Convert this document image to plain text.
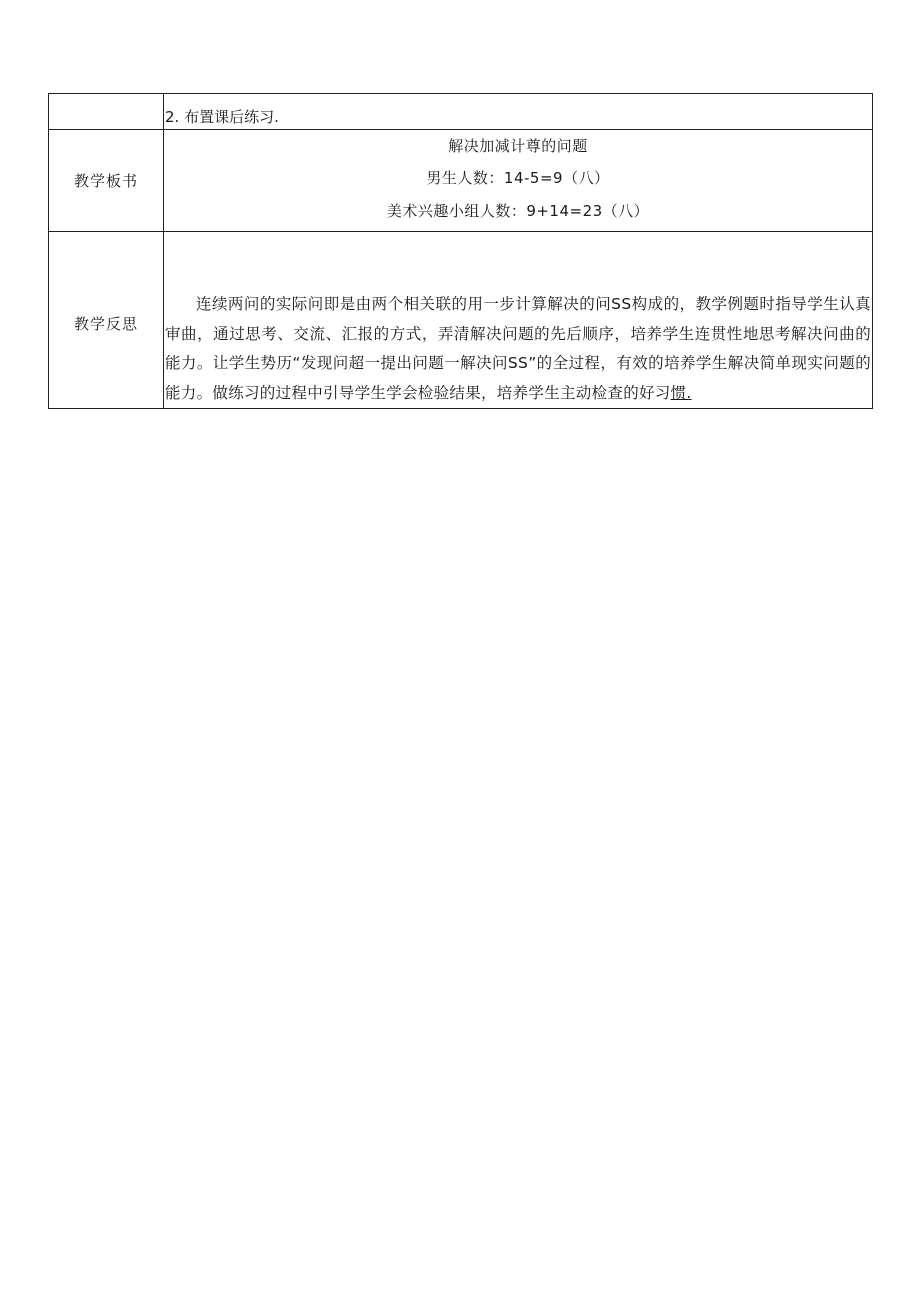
	2. 布置课后练习.
教学板书	解决加减计尊的问题
男生人数：14-5=9（八）
美术兴趣小组人数：9+14=23（八）

教学反思	连续两问的实际问即是由两个相关联的用一步计算解决的问SS构成的，教学例题时指导学生认真审曲，通过思考、交流、汇报的方式，弄清解决问题的先后顺序，培养学生连贯性地思考解决问曲的能力。让学生势历“发现问超一提出问题一解决问SS”的全过程，有效的培养学生解决简单现实问题的能力。做练习的过程中引导学生学会检验结果，培养学生主动检查的好习惯.
